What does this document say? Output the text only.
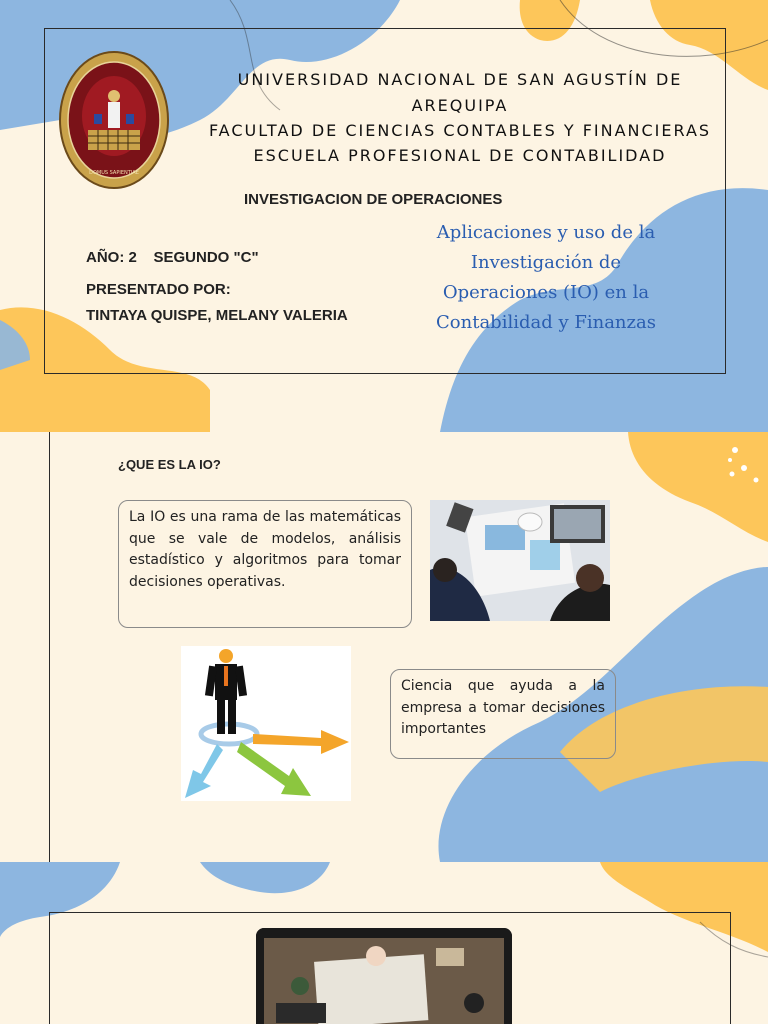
DOMUS SAPIENTIAE
UNIVERSIDAD NACIONAL DE SAN AGUSTÍN DE
AREQUIPA
FACULTAD DE CIENCIAS CONTABLES Y FINANCIERAS
ESCUELA PROFESIONAL DE CONTABILIDAD
INVESTIGACION DE OPERACIONES
AÑO: 2    SEGUNDO "C"
PRESENTADO POR:
TINTAYA QUISPE, MELANY VALERIA
Aplicaciones y uso de la
Investigación de
Operaciones (IO) en la
Contabilidad y Finanzas
¿QUE ES LA IO?
La IO es una rama de las matemáticas que se vale de modelos, análisis estadístico y algoritmos para tomar decisiones operativas.
Ciencia que ayuda a la empresa a tomar decisiones importantes
